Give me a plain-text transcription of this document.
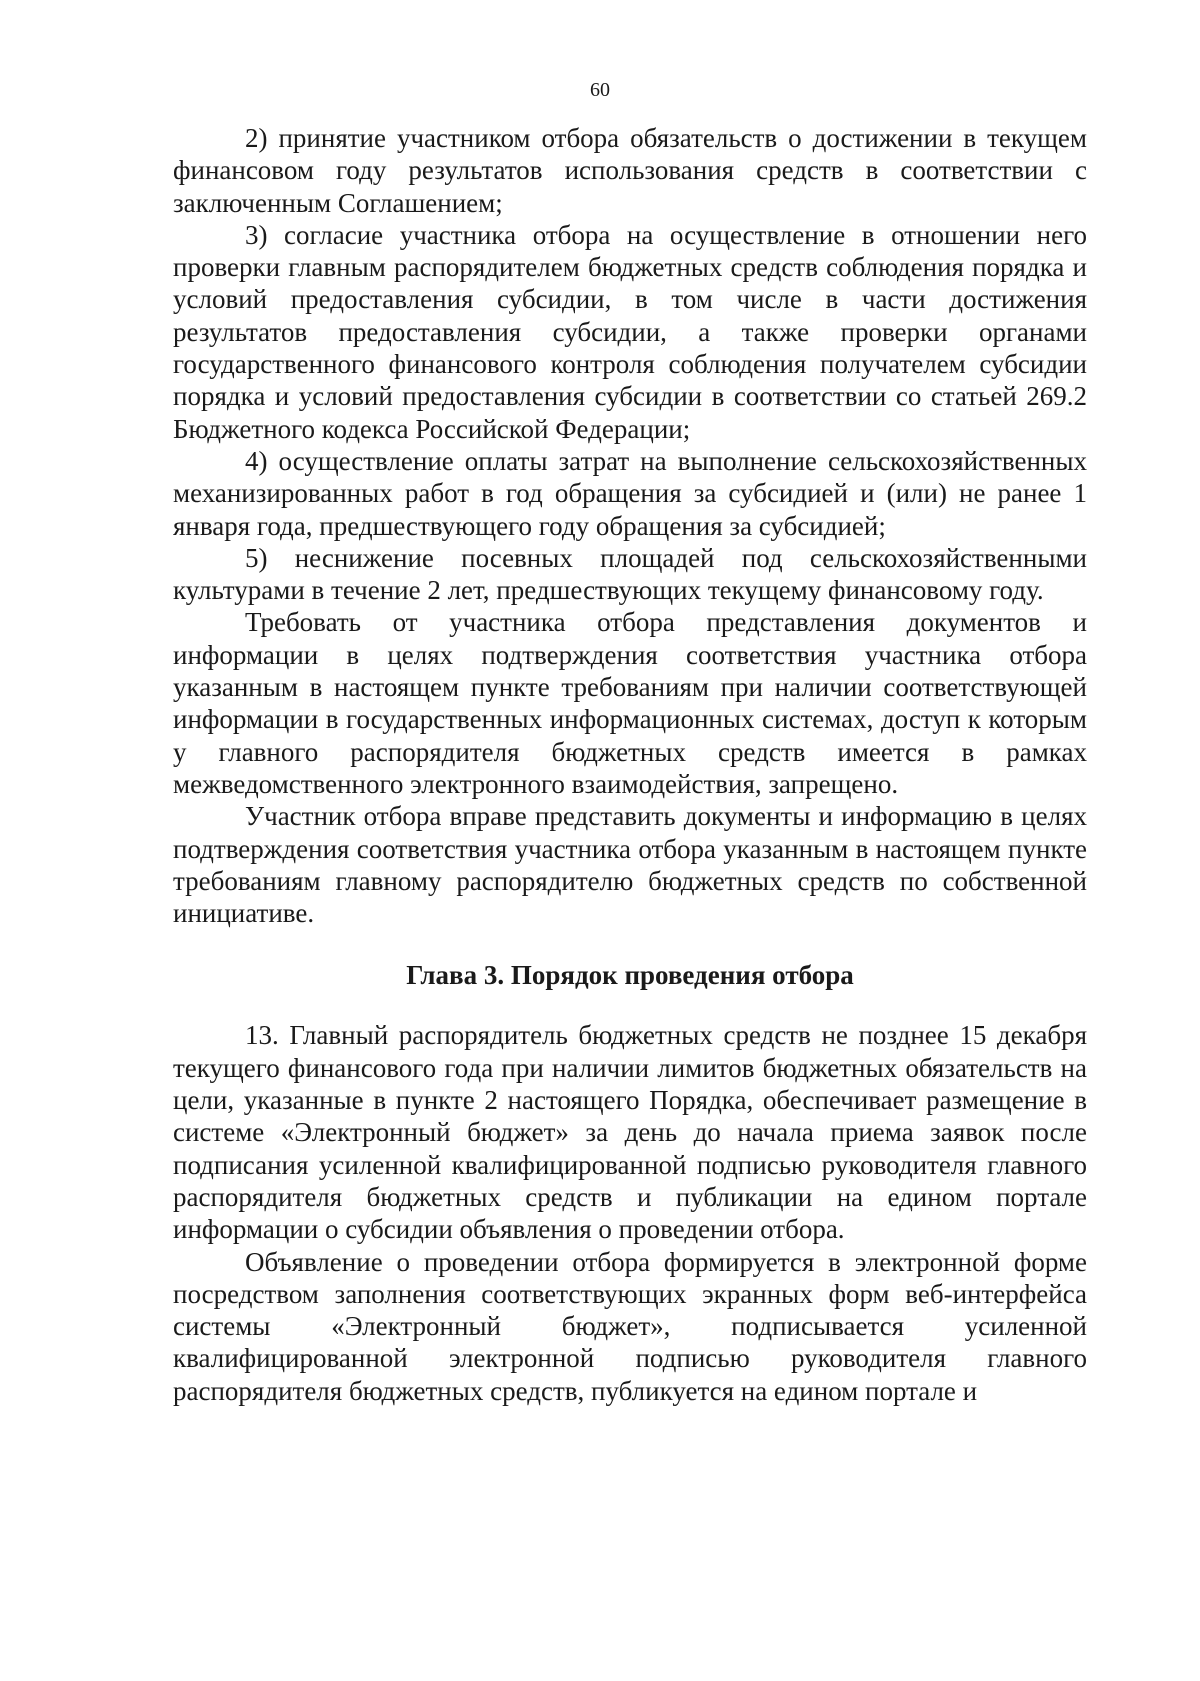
60

2) принятие участником отбора обязательств о достижении в текущем финансовом году результатов использования средств в соответствии с заключенным Соглашением;

3) согласие участника отбора на осуществление в отношении него проверки главным распорядителем бюджетных средств соблюдения порядка и условий предоставления субсидии, в том числе в части достижения результатов предоставления субсидии, а также проверки органами государственного финансового контроля соблюдения получателем субсидии порядка и условий предоставления субсидии в соответствии со статьей 269.2 Бюджетного кодекса Российской Федерации;

4) осуществление оплаты затрат на выполнение сельскохозяйственных механизированных работ в год обращения за субсидией и (или) не ранее 1 января года, предшествующего году обращения за субсидией;

5) неснижение посевных площадей под сельскохозяйственными культурами в течение 2 лет, предшествующих текущему финансовому году.

Требовать от участника отбора представления документов и информации в целях подтверждения соответствия участника отбора указанным в настоящем пункте требованиям при наличии соответствующей информации в государственных информационных системах, доступ к которым у главного распорядителя бюджетных средств имеется в рамках межведомственного электронного взаимодействия, запрещено.

Участник отбора вправе представить документы и информацию в целях подтверждения соответствия участника отбора указанным в настоящем пункте требованиям главному распорядителю бюджетных средств по собственной инициативе.

Глава 3. Порядок проведения отбора

13. Главный распорядитель бюджетных средств не позднее 15 декабря текущего финансового года при наличии лимитов бюджетных обязательств на цели, указанные в пункте 2 настоящего Порядка, обеспечивает размещение в системе «Электронный бюджет» за день до начала приема заявок после подписания усиленной квалифицированной подписью руководителя главного распорядителя бюджетных средств и публикации на едином портале информации о субсидии объявления о проведении отбора.

Объявление о проведении отбора формируется в электронной форме посредством заполнения соответствующих экранных форм веб-интерфейса системы «Электронный бюджет», подписывается усиленной квалифицированной электронной подписью руководителя главного распорядителя бюджетных средств, публикуется на едином портале и
